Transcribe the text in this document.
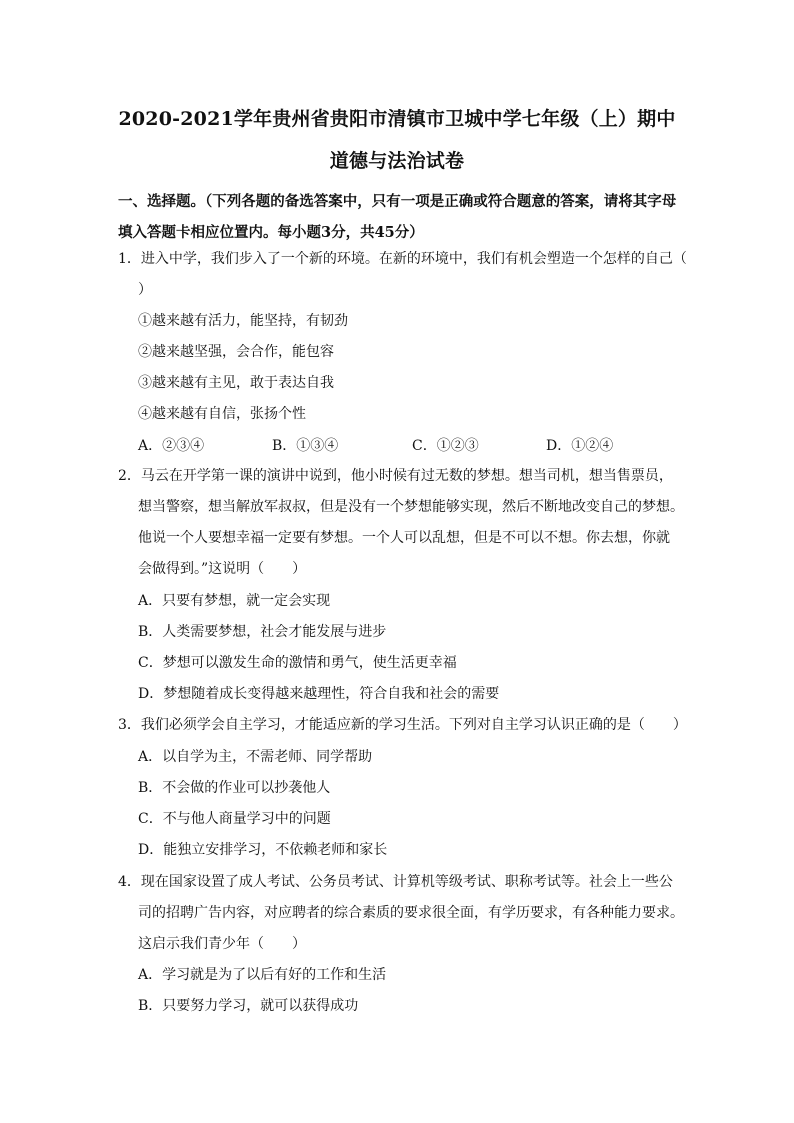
2020-2021学年贵州省贵阳市清镇市卫城中学七年级（上）期中
道德与法治试卷
一、选择题。（下列各题的备选答案中，只有一项是正确或符合题意的答案，请将其字母填入答题卡相应位置内。每小题3分，共45分）
1．进入中学，我们步入了一个新的环境。在新的环境中，我们有机会塑造一个怎样的自己（
）
①越来越有活力，能坚持，有韧劲
②越来越坚强，会合作，能包容
③越来越有主见，敢于表达自我
④越来越有自信，张扬个性
A．②③④	B．①③④	C．①②③	D．①②④
2．马云在开学第一课的演讲中说到，他小时候有过无数的梦想。想当司机，想当售票员，
想当警察，想当解放军叔叔，但是没有一个梦想能够实现，然后不断地改变自己的梦想。
他说一个人要想幸福一定要有梦想。一个人可以乱想，但是不可以不想。你去想，你就
会做得到。”这说明（　　）
A．只要有梦想，就一定会实现
B．人类需要梦想，社会才能发展与进步
C．梦想可以激发生命的激情和勇气，使生活更幸福
D．梦想随着成长变得越来越理性，符合自我和社会的需要
3．我们必须学会自主学习，才能适应新的学习生活。下列对自主学习认识正确的是（　　）
A．以自学为主，不需老师、同学帮助
B．不会做的作业可以抄袭他人
C．不与他人商量学习中的问题
D．能独立安排学习，不依赖老师和家长
4．现在国家设置了成人考试、公务员考试、计算机等级考试、职称考试等。社会上一些公
司的招聘广告内容，对应聘者的综合素质的要求很全面，有学历要求，有各种能力要求。
这启示我们青少年（　　）
A．学习就是为了以后有好的工作和生活
B．只要努力学习，就可以获得成功
